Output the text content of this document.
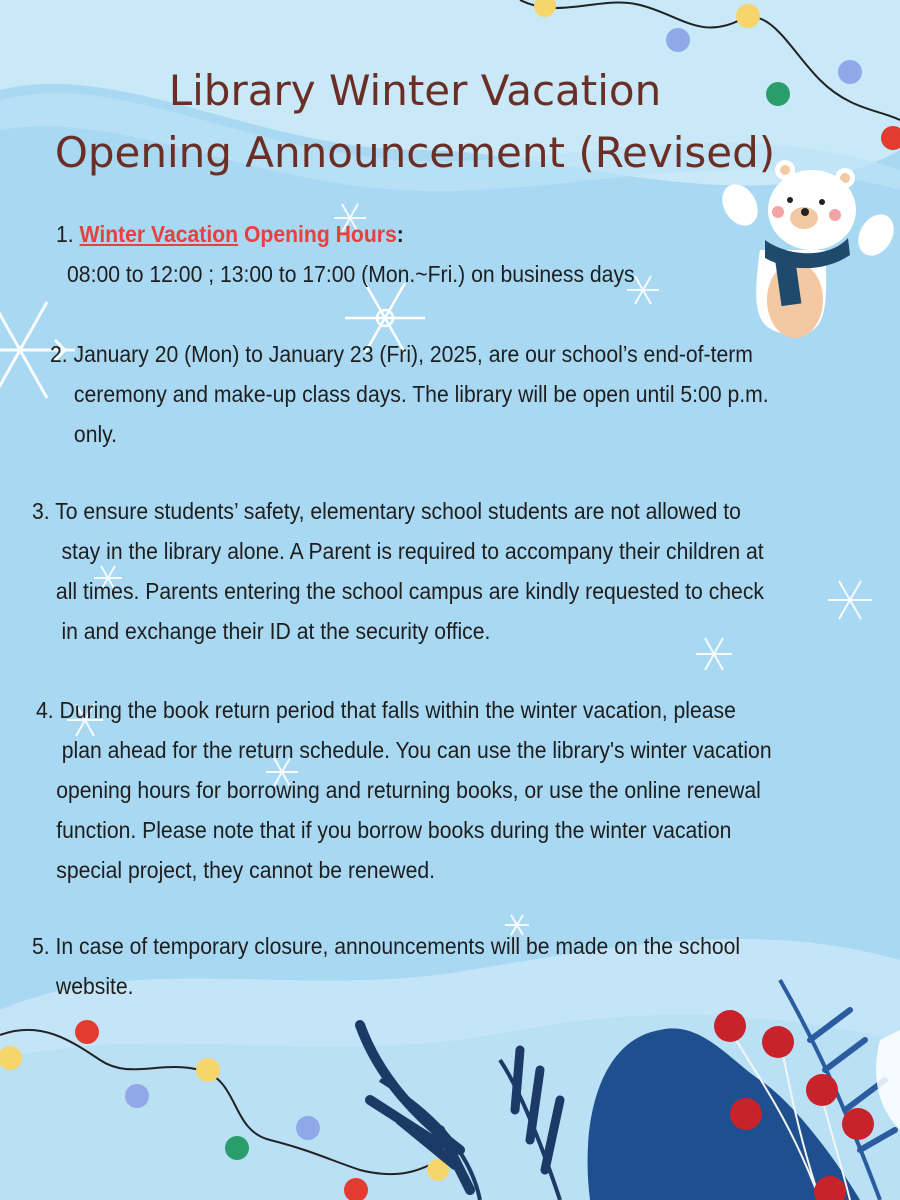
Library Winter Vacation
Opening Announcement (Revised)
1. Winter Vacation Opening Hours:
08:00 to 12:00 ; 13:00 to 17:00 (Mon.~Fri.) on business days
2. January 20 (Mon) to January 23 (Fri), 2025, are our school’s end-of-term
ceremony and make-up class days. The library will be open until 5:00 p.m.
only.
3. To ensure students’ safety, elementary school students are not allowed to
stay in the library alone. A Parent is required to accompany their children at
all times. Parents entering the school campus are kindly requested to check
in and exchange their ID at the security office.
4. During the book return period that falls within the winter vacation, please
plan ahead for the return schedule. You can use the library's winter vacation
opening hours for borrowing and returning books, or use the online renewal
function. Please note that if you borrow books during the winter vacation
special project, they cannot be renewed.
5. In case of temporary closure, announcements will be made on the school
website.
